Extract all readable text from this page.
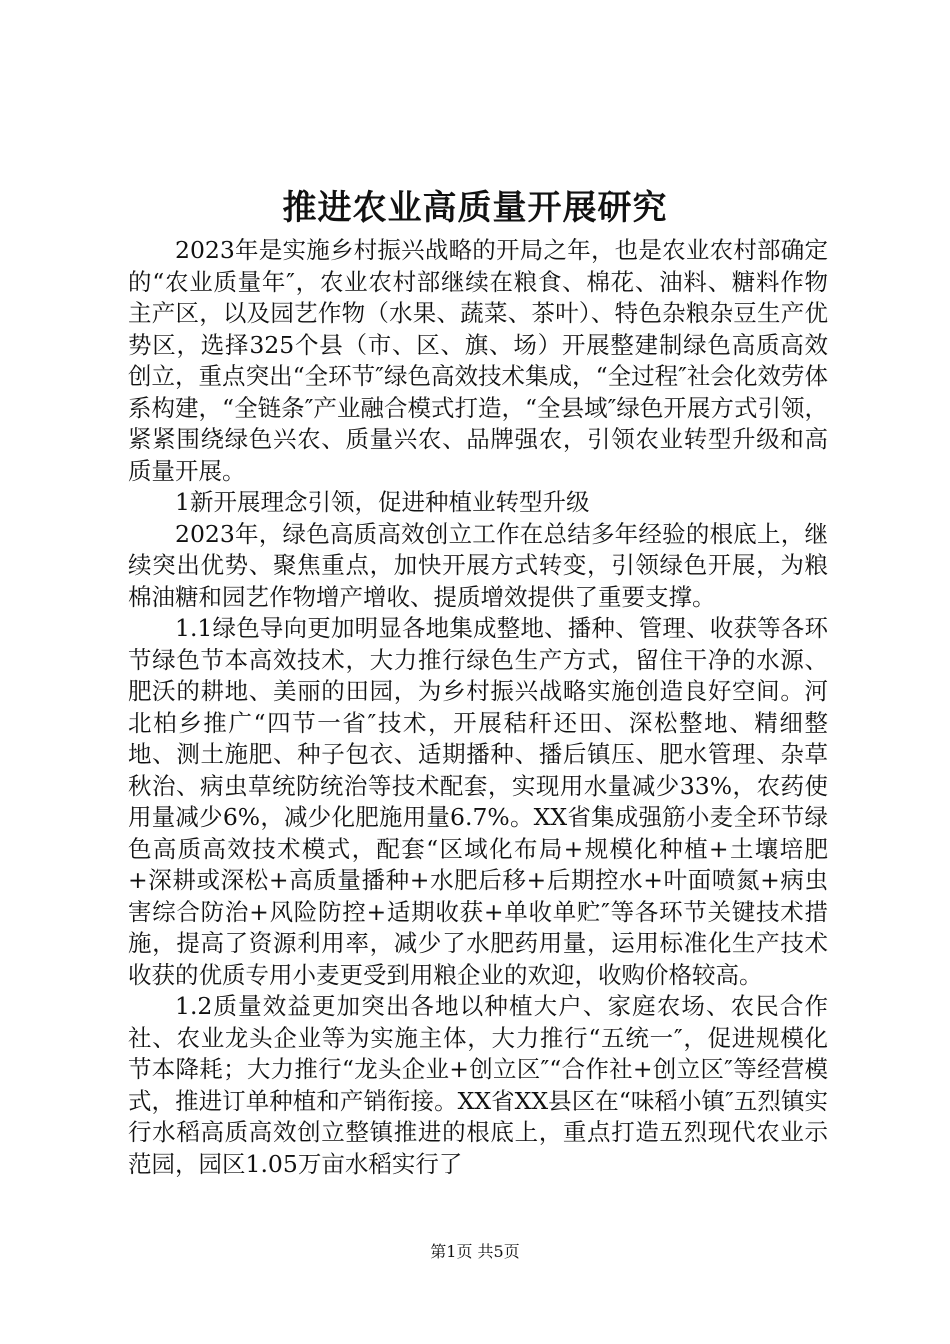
推进农业高质量开展研究

2023年是实施乡村振兴战略的开局之年，也是农业农村部确定的“农业质量年″，农业农村部继续在粮食、棉花、油料、糖料作物主产区，以及园艺作物（水果、蔬菜、茶叶）、特色杂粮杂豆生产优势区，选择325个县（市、区、旗、场）开展整建制绿色高质高效创立，重点突出“全环节″绿色高效技术集成，“全过程″社会化效劳体系构建，“全链条″产业融合模式打造，“全县域″绿色开展方式引领，紧紧围绕绿色兴农、质量兴农、品牌强农，引领农业转型升级和高质量开展。

1新开展理念引领，促进种植业转型升级

2023年，绿色高质高效创立工作在总结多年经验的根底上，继续突出优势、聚焦重点，加快开展方式转变，引领绿色开展，为粮棉油糖和园艺作物增产增收、提质增效提供了重要支撑。

1.1绿色导向更加明显各地集成整地、播种、管理、收获等各环节绿色节本高效技术，大力推行绿色生产方式，留住干净的水源、肥沃的耕地、美丽的田园，为乡村振兴战略实施创造良好空间。河北柏乡推广“四节一省″技术，开展秸秆还田、深松整地、精细整地、测土施肥、种子包衣、适期播种、播后镇压、肥水管理、杂草秋治、病虫草统防统治等技术配套，实现用水量减少33%，农药使用量减少6%，减少化肥施用量6.7%。XX省集成强筋小麦全环节绿色高质高效技术模式，配套“区域化布局+规模化种植+土壤培肥+深耕或深松+高质量播种+水肥后移+后期控水+叶面喷氮+病虫害综合防治+风险防控+适期收获+单收单贮″等各环节关键技术措施，提高了资源利用率，减少了水肥药用量，运用标准化生产技术收获的优质专用小麦更受到用粮企业的欢迎，收购价格较高。

1.2质量效益更加突出各地以种植大户、家庭农场、农民合作社、农业龙头企业等为实施主体，大力推行“五统一″，促进规模化节本降耗；大力推行“龙头企业+创立区″“合作社+创立区″等经营模式，推进订单种植和产销衔接。XX省XX县区在“味稻小镇″五烈镇实行水稻高质高效创立整镇推进的根底上，重点打造五烈现代农业示范园，园区1.05万亩水稻实行了

第1页 共5页
